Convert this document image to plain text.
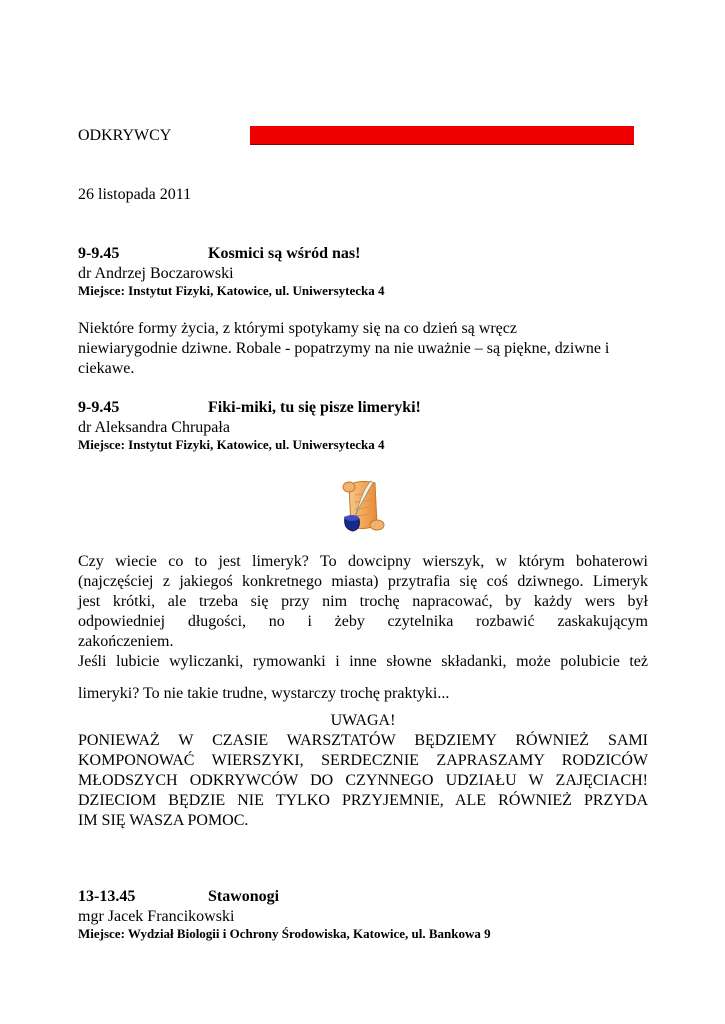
ODKRYWCY
26 listopada 2011
9-9.45	Kosmici są wśród nas!
dr Andrzej Boczarowski
Miejsce: Instytut Fizyki, Katowice, ul. Uniwersytecka 4
Niektóre formy życia, z którymi spotykamy się na co dzień są wręcz
niewiarygodnie dziwne. Robale - popatrzymy na nie uważnie – są piękne, dziwne i
ciekawe.
9-9.45	Fiki-miki, tu się pisze limeryki!
dr Aleksandra Chrupała
Miejsce: Instytut Fizyki, Katowice, ul. Uniwersytecka 4
Czy wiecie co to jest limeryk? To dowcipny wierszyk, w którym bohaterowi
(najczęściej z jakiegoś konkretnego miasta) przytrafia się coś dziwnego. Limeryk
jest krótki, ale trzeba się przy nim trochę napracować, by każdy wers był
odpowiedniej długości, no i żeby czytelnika rozbawić zaskakującym
zakończeniem.
Jeśli lubicie wyliczanki, rymowanki i inne słowne składanki, może polubicie też
limeryki? To nie takie trudne, wystarczy trochę praktyki...
UWAGA!
PONIEWAŻ W CZASIE WARSZTATÓW BĘDZIEMY RÓWNIEŻ SAMI
KOMPONOWAĆ WIERSZYKI, SERDECZNIE ZAPRASZAMY RODZICÓW
MŁODSZYCH ODKRYWCÓW DO CZYNNEGO UDZIAŁU W ZAJĘCIACH!
DZIECIOM BĘDZIE NIE TYLKO PRZYJEMNIE, ALE RÓWNIEŻ PRZYDA
IM SIĘ WASZA POMOC.
13-13.45	Stawonogi
mgr Jacek Francikowski
Miejsce: Wydział Biologii i Ochrony Środowiska, Katowice, ul. Bankowa 9
